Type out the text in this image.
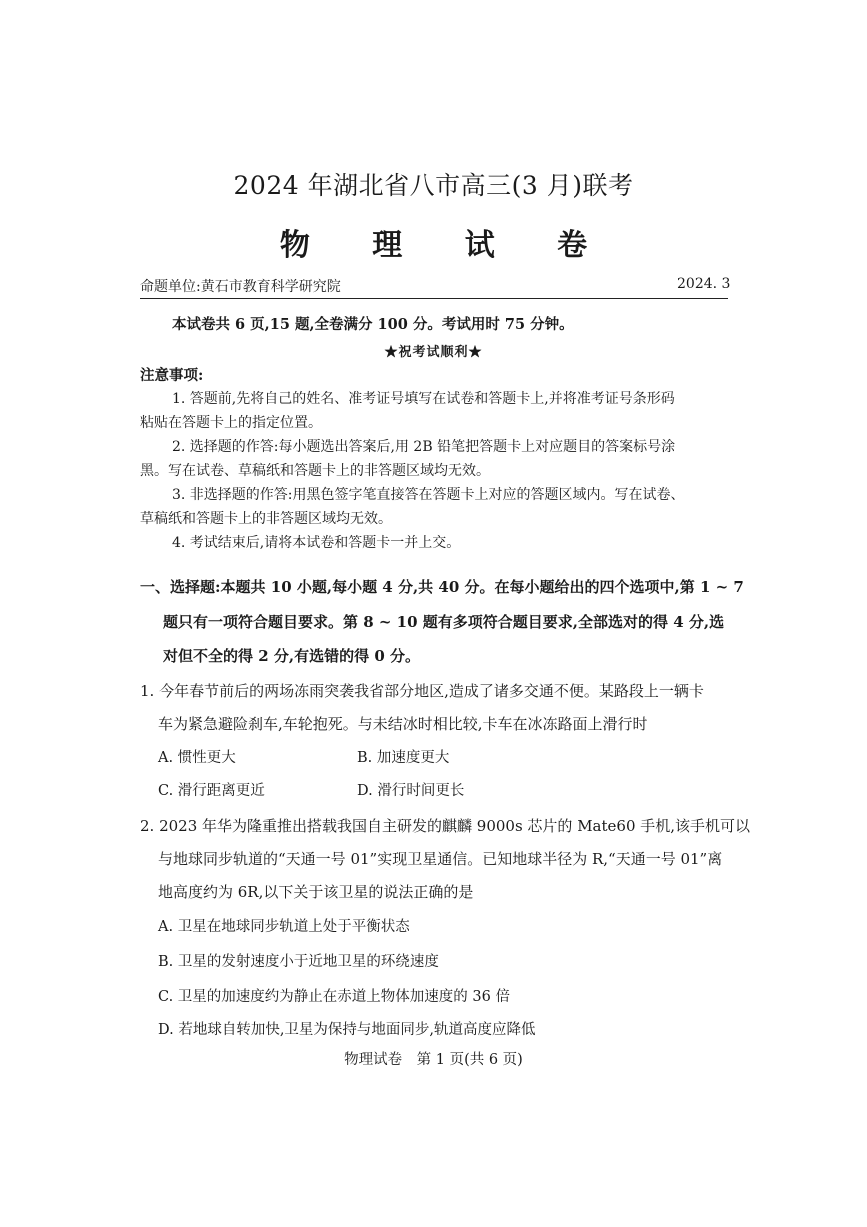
2024 年湖北省八市高三(3 月)联考
物 理 试 卷
命题单位:黄石市教育科学研究院	2024. 3
本试卷共 6 页,15 题,全卷满分 100 分。考试用时 75 分钟。
★祝考试顺利★
注意事项:
1. 答题前,先将自己的姓名、准考证号填写在试卷和答题卡上,并将准考证号条形码
粘贴在答题卡上的指定位置。
2. 选择题的作答:每小题选出答案后,用 2B 铅笔把答题卡上对应题目的答案标号涂
黑。写在试卷、草稿纸和答题卡上的非答题区域均无效。
3. 非选择题的作答:用黑色签字笔直接答在答题卡上对应的答题区域内。写在试卷、
草稿纸和答题卡上的非答题区域均无效。
4. 考试结束后,请将本试卷和答题卡一并上交。
一、选择题:本题共 10 小题,每小题 4 分,共 40 分。在每小题给出的四个选项中,第 1 ~ 7
题只有一项符合题目要求。第 8 ~ 10 题有多项符合题目要求,全部选对的得 4 分,选
对但不全的得 2 分,有选错的得 0 分。
1. 今年春节前后的两场冻雨突袭我省部分地区,造成了诸多交通不便。某路段上一辆卡
车为紧急避险刹车,车轮抱死。与未结冰时相比较,卡车在冰冻路面上滑行时
A. 惯性更大	B. 加速度更大
C. 滑行距离更近	D. 滑行时间更长
2. 2023 年华为隆重推出搭载我国自主研发的麒麟 9000s 芯片的 Mate60 手机,该手机可以
与地球同步轨道的“天通一号 01”实现卫星通信。已知地球半径为 R,“天通一号 01”离
地高度约为 6R,以下关于该卫星的说法正确的是
A. 卫星在地球同步轨道上处于平衡状态
B. 卫星的发射速度小于近地卫星的环绕速度
C. 卫星的加速度约为静止在赤道上物体加速度的 36 倍
D. 若地球自转加快,卫星为保持与地面同步,轨道高度应降低
物理试卷　第 1 页(共 6 页)
